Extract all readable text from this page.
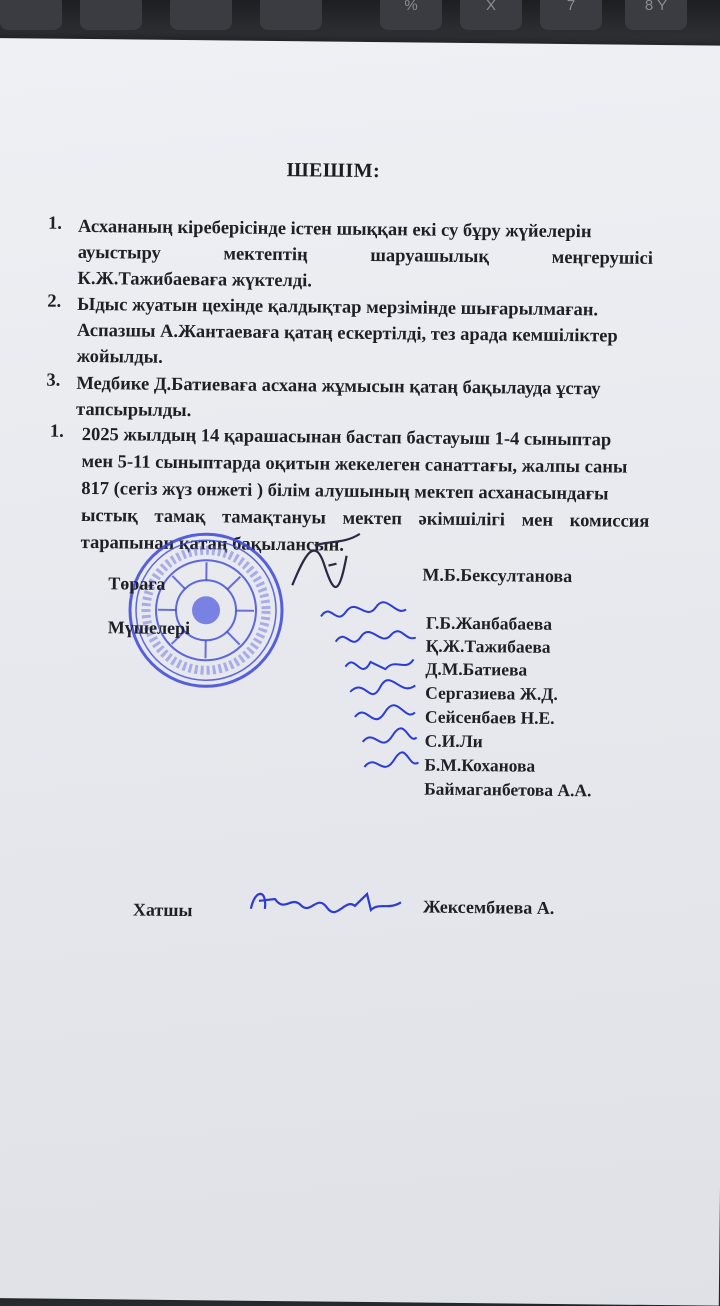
%	X	7	8 Y
ШЕШІМ:
1. Асхананың кіреберісінде істен шыққан екі су бұру жүйелерін
ауыстыру мектептің шаруашылық меңгерушісі
К.Ж.Тажибаеваға жүктелді.
2. Ыдыс жуатын цехінде қалдықтар мерзімінде шығарылмаған.
Аспазшы А.Жантаеваға қатаң ескертілді, тез арада кемшіліктер
жойылды.
3. Медбике Д.Батиеваға асхана жұмысын қатаң бақылауда ұстау
тапсырылды.
1. 2025 жылдың 14 қарашасынан бастап бастауыш 1-4 сыныптар
мен 5-11 сыныптарда оқитын жекелеген санаттағы, жалпы саны
817 (сегіз жүз онжеті ) білім алушының мектеп асханасындағы
ыстық тамақ тамақтануы мектеп әкімшілігі мен комиссия
тарапынан қатаң бақылансын.
Төраға	М.Б.Бексултанова
Мүшелері	Г.Б.Жанбабаева
Қ.Ж.Тажибаева
Д.М.Батиева
Сергазиева Ж.Д.
Сейсенбаев Н.Е.
С.И.Ли
Б.М.Коханова
Баймаганбетова А.А.
Хатшы	Жексембиева А.
